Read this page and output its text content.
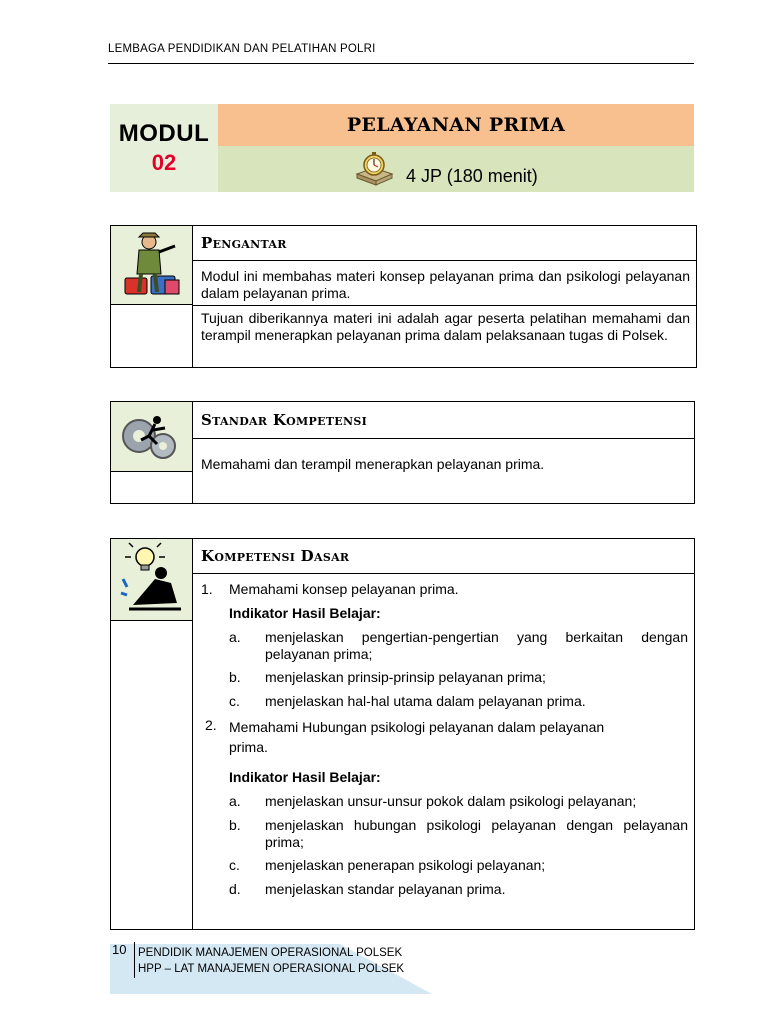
LEMBAGA PENDIDIKAN DAN PELATIHAN POLRI
MODUL
02
PELAYANAN PRIMA
4 JP (180 menit)
Pengantar
Modul ini membahas materi konsep pelayanan prima dan psikologi pelayanan dalam pelayanan prima.
Tujuan diberikannya materi ini adalah agar peserta pelatihan memahami dan terampil menerapkan pelayanan prima dalam pelaksanaan tugas di Polsek.
Standar Kompetensi
Memahami dan terampil menerapkan pelayanan prima.
Kompetensi Dasar
1. Memahami konsep pelayanan prima.
Indikator Hasil Belajar:
a. menjelaskan pengertian-pengertian yang berkaitan dengan pelayanan prima;
b. menjelaskan prinsip-prinsip pelayanan prima;
c. menjelaskan hal-hal utama dalam pelayanan prima.
2. Memahami Hubungan psikologi pelayanan dalam pelayanan prima.
Indikator Hasil Belajar:
a. menjelaskan unsur-unsur pokok dalam psikologi pelayanan;
b. menjelaskan hubungan psikologi pelayanan dengan pelayanan prima;
c. menjelaskan penerapan psikologi pelayanan;
d. menjelaskan standar pelayanan prima.
10 PENDIDIK MANAJEMEN OPERASIONAL POLSEK
HPP – LAT MANAJEMEN OPERASIONAL POLSEK
